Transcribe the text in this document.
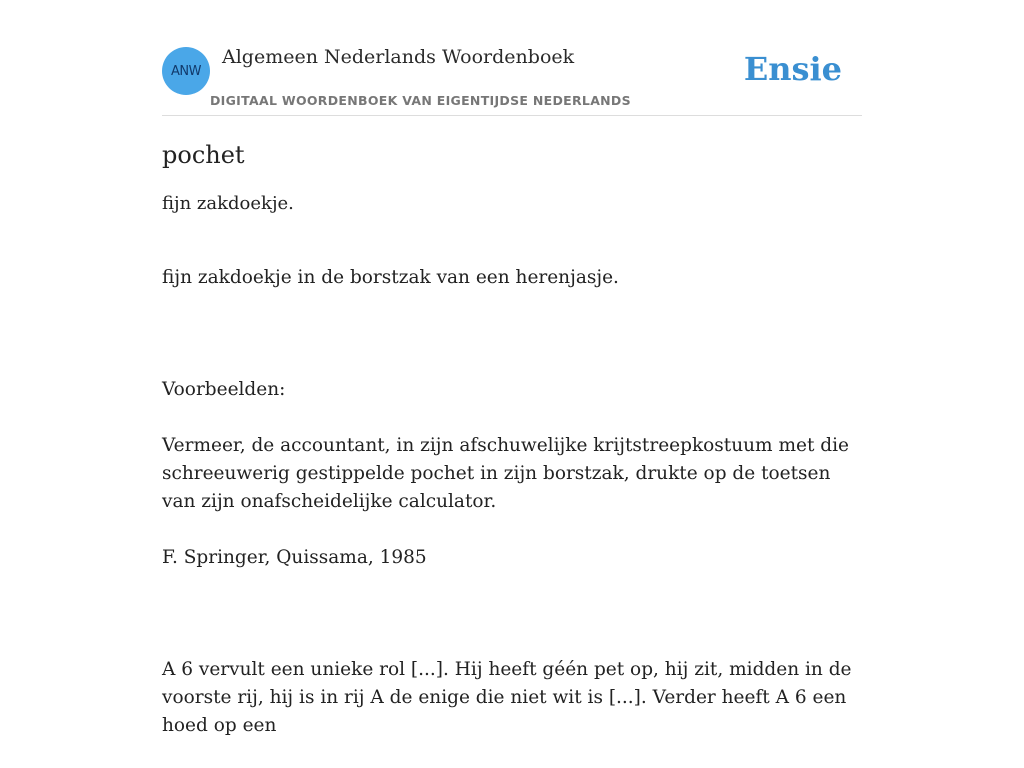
ANW
Algemeen Nederlands Woordenboek
DIGITAAL WOORDENBOEK VAN EIGENTIJDSE NEDERLANDS
Ensie
pochet
fijn zakdoekje.

fijn zakdoekje in de borstzak van een herenjasje.

Voorbeelden:

Vermeer, de accountant, in zijn afschuwelijke krijtstreepkostuum met die schreeuwerig gestippelde pochet in zijn borstzak, drukte op de toetsen van zijn onafscheidelijke calculator.

F. Springer, Quissama, 1985

A 6 vervult een unieke rol [...]. Hij heeft géén pet op, hij zit, midden in de voorste rij, hij is in rij A de enige die niet wit is [...]. Verder heeft A 6 een hoed op een
